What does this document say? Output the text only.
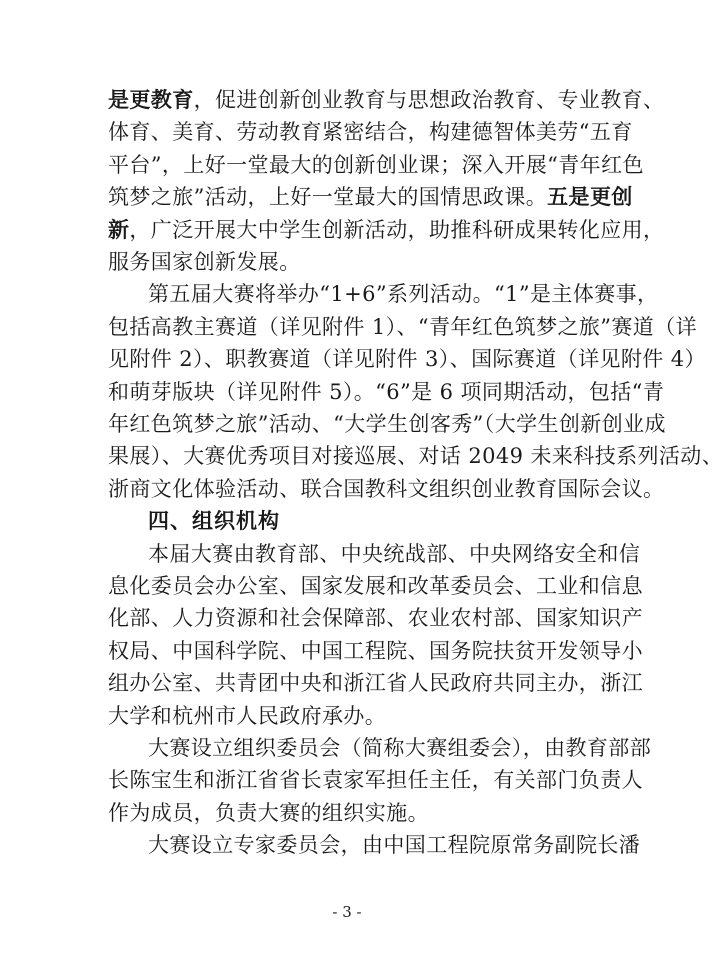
是更教育，促进创新创业教育与思想政治教育、专业教育、
体育、美育、劳动教育紧密结合，构建德智体美劳“五育
平台”，上好一堂最大的创新创业课；深入开展“青年红色
筑梦之旅”活动，上好一堂最大的国情思政课。五是更创
新，广泛开展大中学生创新活动，助推科研成果转化应用，
服务国家创新发展。
第五届大赛将举办“1+6”系列活动。“1”是主体赛事，
包括高教主赛道（详见附件 1）、“青年红色筑梦之旅”赛道（详
见附件 2）、职教赛道（详见附件 3）、国际赛道（详见附件 4）
和萌芽版块（详见附件 5）。“6”是 6 项同期活动，包括“青
年红色筑梦之旅”活动、“大学生创客秀”（大学生创新创业成
果展）、大赛优秀项目对接巡展、对话 2049 未来科技系列活动、
浙商文化体验活动、联合国教科文组织创业教育国际会议。
四、组织机构
本届大赛由教育部、中央统战部、中央网络安全和信
息化委员会办公室、国家发展和改革委员会、工业和信息
化部、人力资源和社会保障部、农业农村部、国家知识产
权局、中国科学院、中国工程院、国务院扶贫开发领导小
组办公室、共青团中央和浙江省人民政府共同主办，浙江
大学和杭州市人民政府承办。
大赛设立组织委员会（简称大赛组委会），由教育部部
长陈宝生和浙江省省长袁家军担任主任，有关部门负责人
作为成员，负责大赛的组织实施。
大赛设立专家委员会，由中国工程院原常务副院长潘
- 3 -
